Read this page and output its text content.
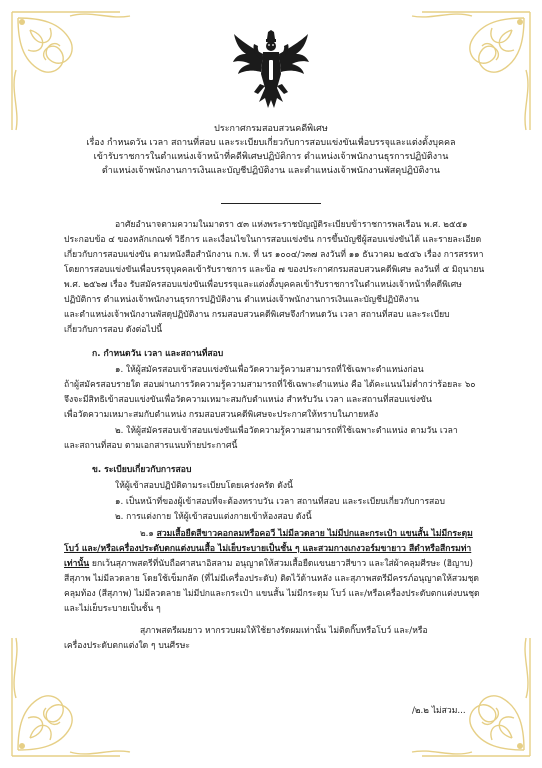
ประกาศกรมสอบสวนคดีพิเศษ
เรื่อง กำหนดวัน เวลา สถานที่สอบ และระเบียบเกี่ยวกับการสอบแข่งขันเพื่อบรรจุและแต่งตั้งบุคคล
เข้ารับราชการในตำแหน่งเจ้าหน้าที่คดีพิเศษปฏิบัติการ ตำแหน่งเจ้าพนักงานธุรการปฏิบัติงาน
ตำแหน่งเจ้าพนักงานการเงินและบัญชีปฏิบัติงาน และตำแหน่งเจ้าพนักงานพัสดุปฏิบัติงาน
อาศัยอำนาจตามความในมาตรา ๕๓ แห่งพระราชบัญญัติระเบียบข้าราชการพลเรือน พ.ศ. ๒๕๕๑
ประกอบข้อ ๔ ของหลักเกณฑ์ วิธีการ และเงื่อนไขในการสอบแข่งขัน การขึ้นบัญชีผู้สอบแข่งขันได้ และรายละเอียด
เกี่ยวกับการสอบแข่งขัน ตามหนังสือสำนักงาน ก.พ. ที่ นร ๑๐๐๔/ว๓๗ ลงวันที่ ๑๑ ธันวาคม ๒๕๕๖ เรื่อง การสรรหา
โดยการสอบแข่งขันเพื่อบรรจุบุคคลเข้ารับราชการ และข้อ ๗ ของประกาศกรมสอบสวนคดีพิเศษ ลงวันที่ ๕ มิถุนายน
พ.ศ. ๒๕๖๗ เรื่อง รับสมัครสอบแข่งขันเพื่อบรรจุและแต่งตั้งบุคคลเข้ารับราชการในตำแหน่งเจ้าหน้าที่คดีพิเศษ
ปฏิบัติการ ตำแหน่งเจ้าพนักงานธุรการปฏิบัติงาน ตำแหน่งเจ้าพนักงานการเงินและบัญชีปฏิบัติงาน
และตำแหน่งเจ้าพนักงานพัสดุปฏิบัติงาน กรมสอบสวนคดีพิเศษจึงกำหนดวัน เวลา สถานที่สอบ และระเบียบ
เกี่ยวกับการสอบ ดังต่อไปนี้
ก. กำหนดวัน เวลา และสถานที่สอบ
๑. ให้ผู้สมัครสอบเข้าสอบแข่งขันเพื่อวัดความรู้ความสามารถที่ใช้เฉพาะตำแหน่งก่อน
ถ้าผู้สมัครสอบรายใด สอบผ่านการวัดความรู้ความสามารถที่ใช้เฉพาะตำแหน่ง คือ ได้คะแนนไม่ต่ำกว่าร้อยละ ๖๐
จึงจะมีสิทธิเข้าสอบแข่งขันเพื่อวัดความเหมาะสมกับตำแหน่ง สำหรับวัน เวลา และสถานที่สอบแข่งขัน
เพื่อวัดความเหมาะสมกับตำแหน่ง กรมสอบสวนคดีพิเศษจะประกาศให้ทราบในภายหลัง
๒. ให้ผู้สมัครสอบเข้าสอบแข่งขันเพื่อวัดความรู้ความสามารถที่ใช้เฉพาะตำแหน่ง ตามวัน เวลา
และสถานที่สอบ ตามเอกสารแนบท้ายประกาศนี้
ข. ระเบียบเกี่ยวกับการสอบ
ให้ผู้เข้าสอบปฏิบัติตามระเบียบโดยเคร่งครัด ดังนี้
๑. เป็นหน้าที่ของผู้เข้าสอบที่จะต้องทราบวัน เวลา สถานที่สอบ และระเบียบเกี่ยวกับการสอบ
๒. การแต่งกาย ให้ผู้เข้าสอบแต่งกายเข้าห้องสอบ ดังนี้
๒.๑ สวมเสื้อยืดสีขาวคอกลมหรือคอวี ไม่มีลวดลาย ไม่มีปกและกระเป๋า แขนสั้น ไม่มีกระดุม
โบว์ และ/หรือเครื่องประดับตกแต่งบนเสื้อ ไม่เย็บระบายเป็นชั้น ๆ และสวมกางเกงวอร์มขายาว สีดำหรือสีกรมท่า
เท่านั้น ยกเว้นสุภาพสตรีที่นับถือศาสนาอิสลาม อนุญาตให้สวมเสื้อยืดแขนยาวสีขาว และใส่ผ้าคลุมศีรษะ (ฮิญาบ)
สีสุภาพ ไม่มีลวดลาย โดยใช้เข็มกลัด (ที่ไม่มีเครื่องประดับ) ติดไว้ด้านหลัง และสุภาพสตรีมีครรภ์อนุญาตให้สวมชุด
คลุมท้อง (สีสุภาพ) ไม่มีลวดลาย ไม่มีปกและกระเป๋า แขนสั้น ไม่มีกระดุม โบว์ และ/หรือเครื่องประดับตกแต่งบนชุด
และไม่เย็บระบายเป็นชั้น ๆ
สุภาพสตรีผมยาว หากรวบผมให้ใช้ยางรัดผมเท่านั้น ไม่ติดกิ๊บหรือโบว์ และ/หรือ
เครื่องประดับตกแต่งใด ๆ บนศีรษะ
/๒.๒ ไม่สวม...
